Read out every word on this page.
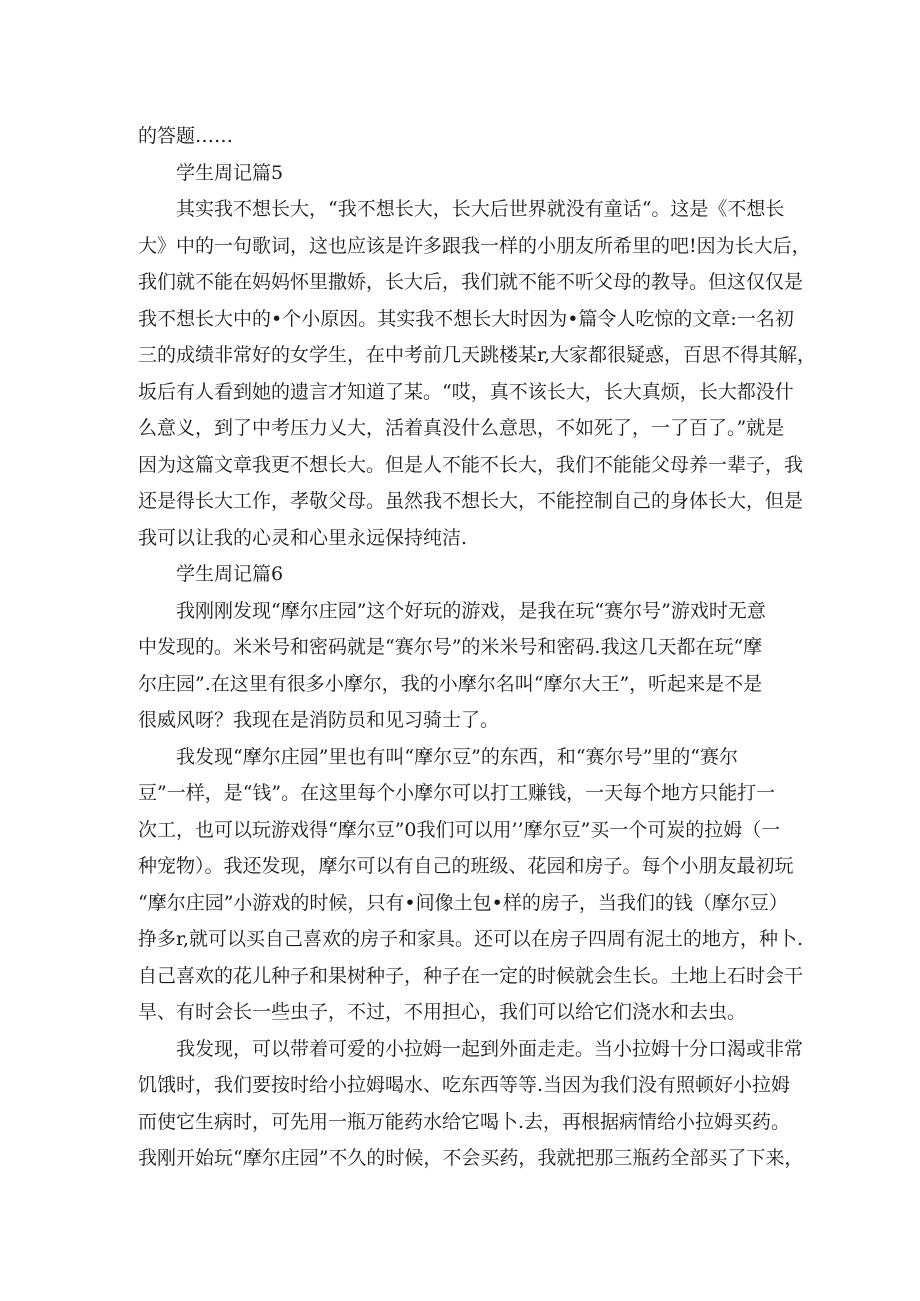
的答题……
学生周记篇5
其实我不想长大，“我不想长大，长大后世界就没有童话“。这是《不想长
大》中的一句歌词，这也应该是许多跟我一样的小朋友所希里的吧!因为长大后，
我们就不能在妈妈怀里撒娇，长大后，我们就不能不听父母的教导。但这仅仅是
我不想长大中的•个小原因。其实我不想长大时因为•篇令人吃惊的文章:一名初
三的成绩非常好的女学生，在中考前几天跳楼某r,大家都很疑惑，百思不得其解，
坂后有人看到她的遗言才知道了某。“哎，真不该长大，长大真烦，长大都没什
么意义，到了中考压力乂大，活着真没什么意思，不如死了，一了百了。”就是
因为这篇文章我更不想长大。但是人不能不长大，我们不能能父母养一辈子，我
还是得长大工作，孝敬父母。虽然我不想长大，不能控制自己的身体长大，但是
我可以让我的心灵和心里永远保持纯洁.
学生周记篇6
我刚刚发现“摩尔庄园”这个好玩的游戏，是我在玩“赛尔号”游戏时无意
中发现的。米米号和密码就是“赛尔号”的米米号和密码.我这几天都在玩“摩
尔庄园”.在这里有很多小摩尔，我的小摩尔名叫“摩尔大王”，听起来是不是
很威风呀？我现在是消防员和见习骑士了。
我发现“摩尔庄园”里也有叫“摩尔豆”的东西，和“赛尔号”里的“赛尔
豆”一样，是“钱”。在这里每个小摩尔可以打工赚钱，一天每个地方只能打一
次工，也可以玩游戏得“摩尔豆”0我们可以用’’摩尔豆”买一个可炭的拉姆（一
种宠物）。我还发现，摩尔可以有自己的班级、花园和房子。每个小朋友最初玩
“摩尔庄园”小游戏的时候，只有•间像土包•样的房子，当我们的钱（摩尔豆）
挣多r,就可以买自己喜欢的房子和家具。还可以在房子四周有泥土的地方，种卜.
自己喜欢的花儿种子和果树种子，种子在一定的时候就会生长。土地上石时会干
旱、有时会长一些虫子，不过，不用担心，我们可以给它们浇水和去虫。
我发现，可以带着可爱的小拉姆一起到外面走走。当小拉姆十分口渴或非常
饥饿时，我们要按时给小拉姆喝水、吃东西等等.当因为我们没有照顿好小拉姆
而使它生病时，可先用一瓶万能药水给它喝卜.去，再根据病情给小拉姆买药。
我刚开始玩“摩尔庄园”不久的时候，不会买药，我就把那三瓶药全部买了下来，
